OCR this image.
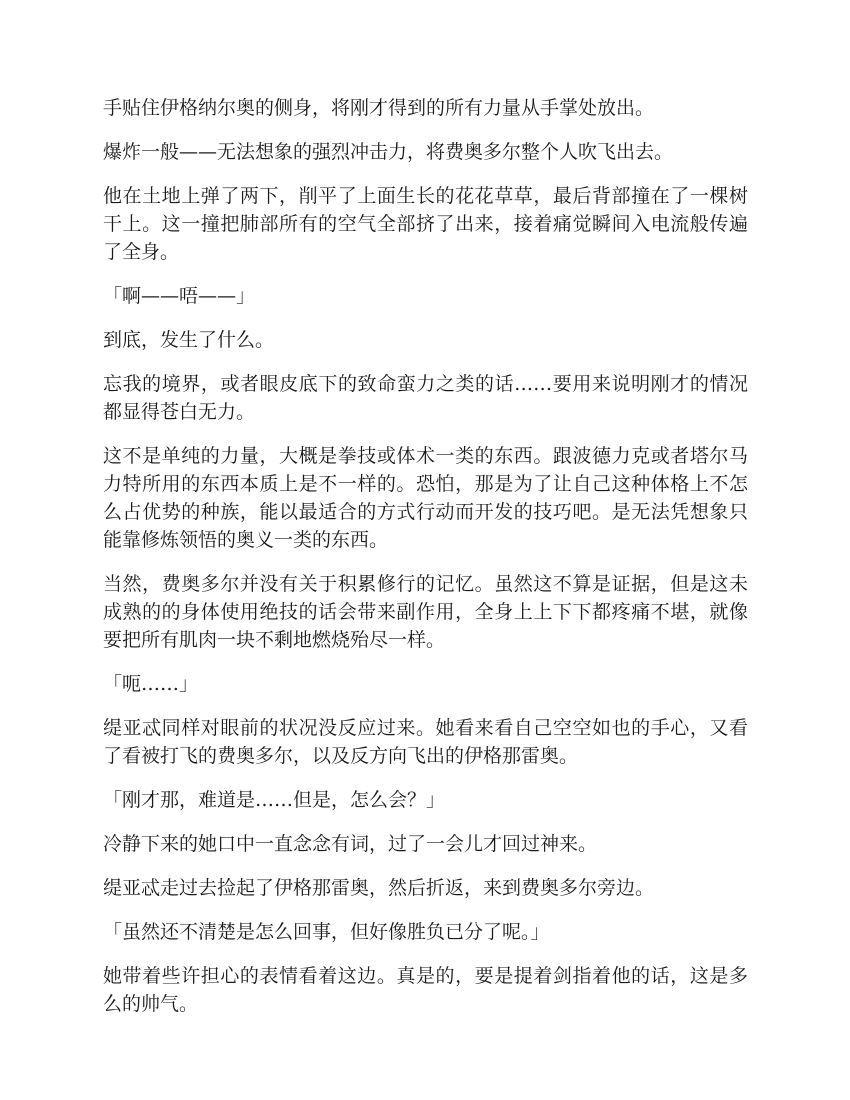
手贴住伊格纳尔奥的侧身，将刚才得到的所有力量从手掌处放出。

爆炸一般——无法想象的强烈冲击力，将费奥多尔整个人吹飞出去。

他在土地上弹了两下，削平了上面生长的花花草草，最后背部撞在了一棵树干上。这一撞把肺部所有的空气全部挤了出来，接着痛觉瞬间入电流般传遍了全身。

「啊——唔——」

到底，发生了什么。

忘我的境界，或者眼皮底下的致命蛮力之类的话……要用来说明刚才的情况都显得苍白无力。

这不是单纯的力量，大概是拳技或体术一类的东西。跟波德力克或者塔尔马力特所用的东西本质上是不一样的。恐怕，那是为了让自己这种体格上不怎么占优势的种族，能以最适合的方式行动而开发的技巧吧。是无法凭想象只能靠修炼领悟的奥义一类的东西。

当然，费奥多尔并没有关于积累修行的记忆。虽然这不算是证据，但是这未成熟的的身体使用绝技的话会带来副作用，全身上上下下都疼痛不堪，就像要把所有肌肉一块不剩地燃烧殆尽一样。

「呃……」

缇亚忒同样对眼前的状况没反应过来。她看来看自己空空如也的手心，又看了看被打飞的费奥多尔，以及反方向飞出的伊格那雷奥。

「刚才那，难道是……但是，怎么会？」

冷静下来的她口中一直念念有词，过了一会儿才回过神来。

缇亚忒走过去捡起了伊格那雷奥，然后折返，来到费奥多尔旁边。

「虽然还不清楚是怎么回事，但好像胜负已分了呢。」

她带着些许担心的表情看着这边。真是的，要是提着剑指着他的话，这是多么的帅气。
